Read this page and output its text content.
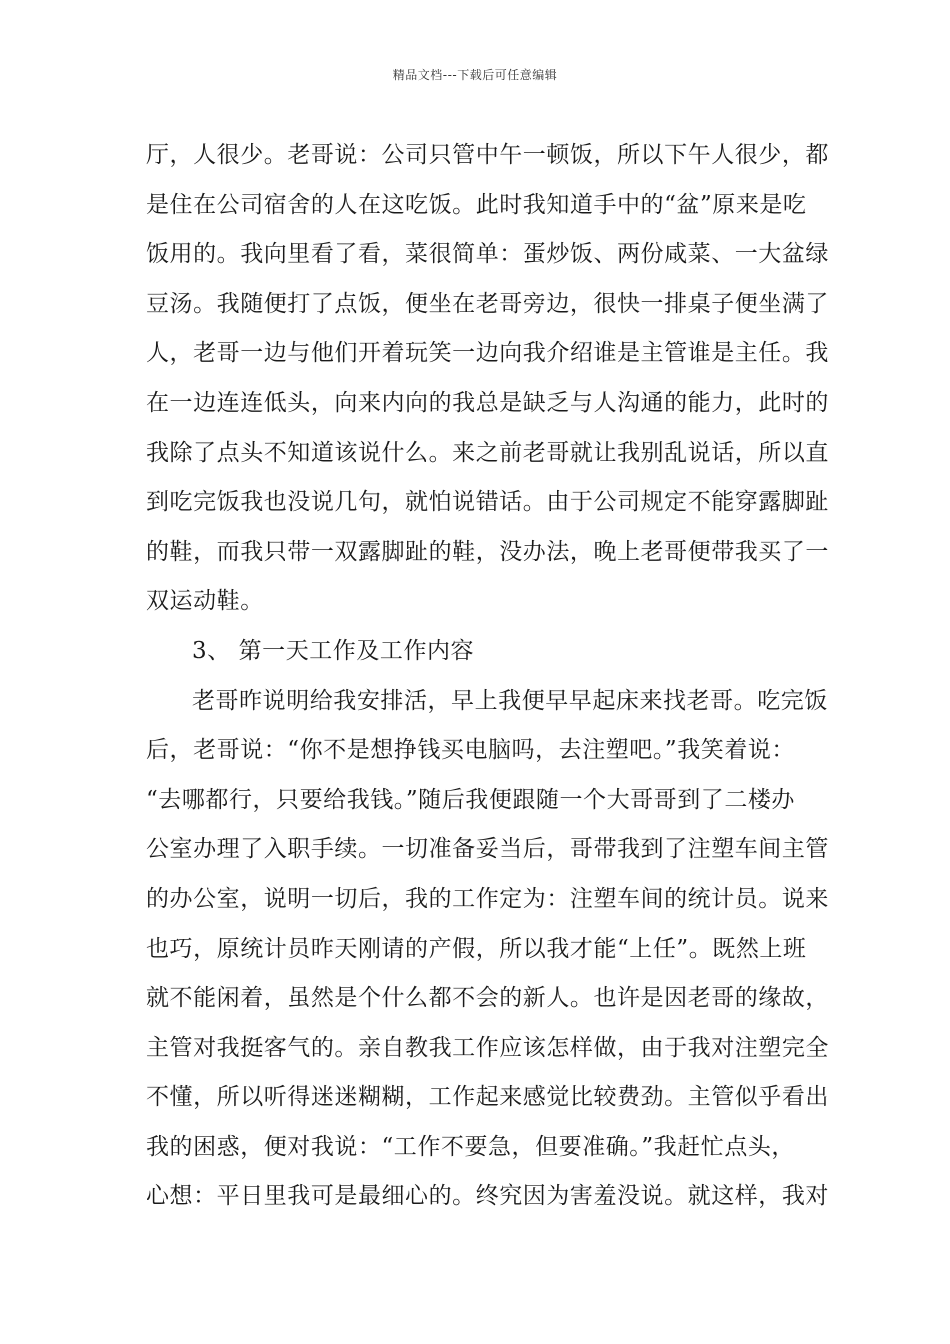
精品文档---下载后可任意编辑
厅，人很少。老哥说：公司只管中午一顿饭，所以下午人很少，都
是住在公司宿舍的人在这吃饭。此时我知道手中的“盆”原来是吃
饭用的。我向里看了看，菜很简单：蛋炒饭、两份咸菜、一大盆绿
豆汤。我随便打了点饭，便坐在老哥旁边，很快一排桌子便坐满了
人，老哥一边与他们开着玩笑一边向我介绍谁是主管谁是主任。我
在一边连连低头，向来内向的我总是缺乏与人沟通的能力，此时的
我除了点头不知道该说什么。来之前老哥就让我别乱说话，所以直
到吃完饭我也没说几句，就怕说错话。由于公司规定不能穿露脚趾
的鞋，而我只带一双露脚趾的鞋，没办法，晚上老哥便带我买了一
双运动鞋。
3、 第一天工作及工作内容
老哥昨说明给我安排活，早上我便早早起床来找老哥。吃完饭
后，老哥说：“你不是想挣钱买电脑吗，去注塑吧。”我笑着说：
“去哪都行，只要给我钱。”随后我便跟随一个大哥哥到了二楼办
公室办理了入职手续。一切准备妥当后，哥带我到了注塑车间主管
的办公室，说明一切后，我的工作定为：注塑车间的统计员。说来
也巧，原统计员昨天刚请的产假，所以我才能“上任”。既然上班
就不能闲着，虽然是个什么都不会的新人。也许是因老哥的缘故，
主管对我挺客气的。亲自教我工作应该怎样做，由于我对注塑完全
不懂，所以听得迷迷糊糊，工作起来感觉比较费劲。主管似乎看出
我的困惑，便对我说：“工作不要急，但要准确。”我赶忙点头，
心想：平日里我可是最细心的。终究因为害羞没说。就这样，我对
